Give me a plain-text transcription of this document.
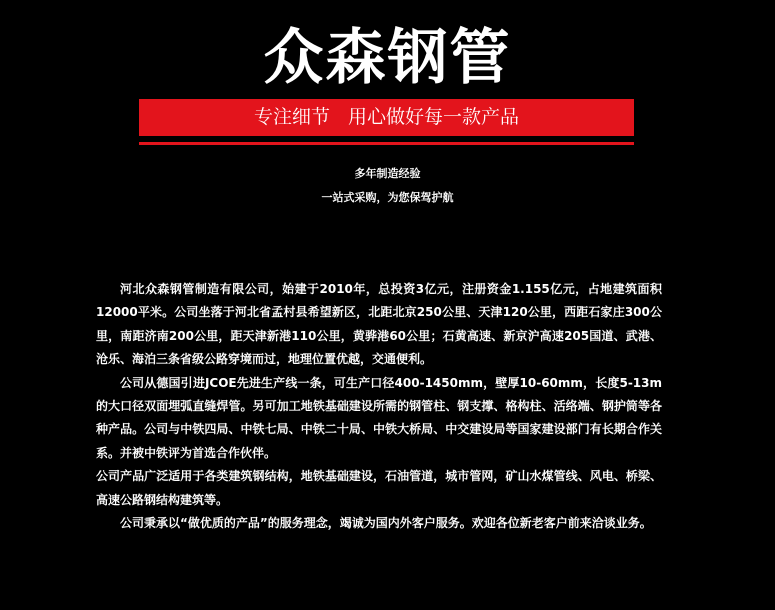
众森钢管
专注细节   用心做好每一款产品
多年制造经验
一站式采购，为您保驾护航

河北众森钢管制造有限公司，始建于2010年，总投资3亿元，注册资金1.155亿元，占地建筑面积12000平米。公司坐落于河北省孟村县希望新区，北距北京250公里、天津120公里，西距石家庄300公里，南距济南200公里，距天津新港110公里，黄骅港60公里；石黄高速、新京沪高速205国道、武港、沧乐、海泊三条省级公路穿境而过，地理位置优越，交通便利。

公司从德国引进JCOE先进生产线一条，可生产口径400-1450mm，壁厚10-60mm，长度5-13m的大口径双面埋弧直缝焊管。另可加工地铁基础建设所需的钢管柱、钢支撑、格构柱、活络端、钢护筒等各种产品。公司与中铁四局、中铁七局、中铁二十局、中铁大桥局、中交建设局等国家建设部门有长期合作关系。并被中铁评为首选合作伙伴。

公司产品广泛适用于各类建筑钢结构，地铁基础建设，石油管道，城市管网，矿山水煤管线、风电、桥梁、高速公路钢结构建筑等。

公司秉承以“做优质的产品”的服务理念，竭诚为国内外客户服务。欢迎各位新老客户前来洽谈业务。
